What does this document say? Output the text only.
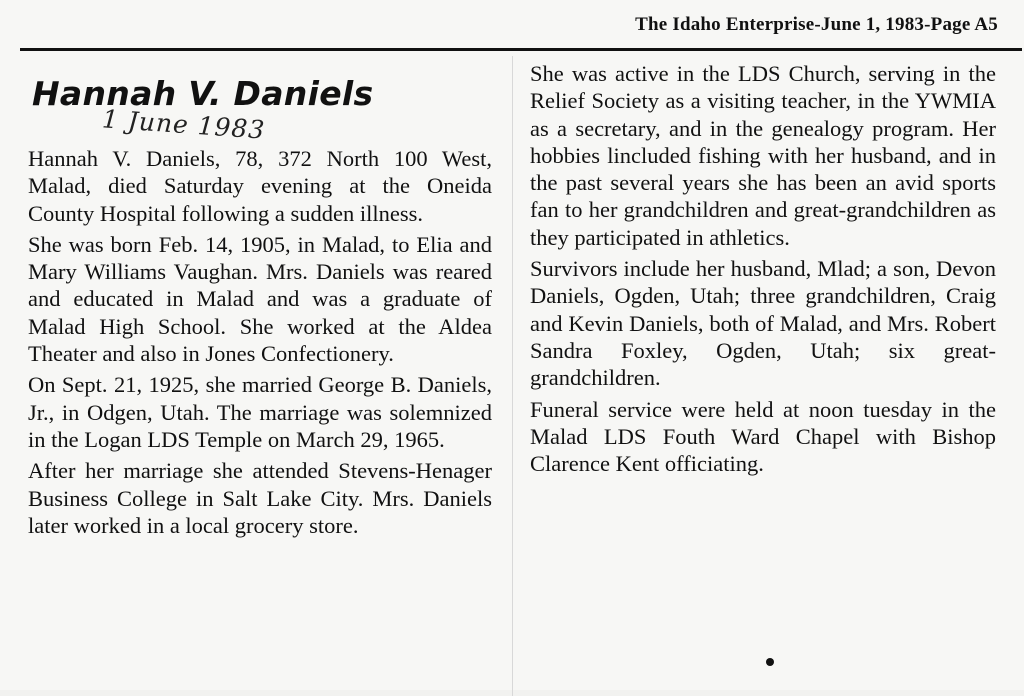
The Idaho Enterprise-June 1, 1983-Page A5
Hannah V. Daniels
1 June 1983

Hannah V. Daniels, 78, 372 North 100 West, Malad, died Saturday evening at the Oneida County Hospital following a sudden illness.

She was born Feb. 14, 1905, in Malad, to Elia and Mary Williams Vaughan. Mrs. Daniels was reared and educated in Malad and was a graduate of Malad High School. She worked at the Aldea Theater and also in Jones Confectionery.

On Sept. 21, 1925, she married George B. Daniels, Jr., in Odgen, Utah. The marriage was solemnized in the Logan LDS Temple on March 29, 1965.

After her marriage she attended Stevens-Henager Business College in Salt Lake City. Mrs. Daniels later worked in a local grocery store.

She was active in the LDS Church, serving in the Relief Society as a visiting teacher, in the YWMIA as a secretary, and in the genealogy program. Her hobbies lincluded fishing with her husband, and in the past several years she has been an avid sports fan to her grandchildren and great-grandchildren as they participated in athletics.

Survivors include her husband, Mlad; a son, Devon Daniels, Ogden, Utah; three grandchildren, Craig and Kevin Daniels, both of Malad, and Mrs. Robert Sandra Foxley, Ogden, Utah; six great-grandchildren.

Funeral service were held at noon tuesday in the Malad LDS Fouth Ward Chapel with Bishop Clarence Kent officiating.
